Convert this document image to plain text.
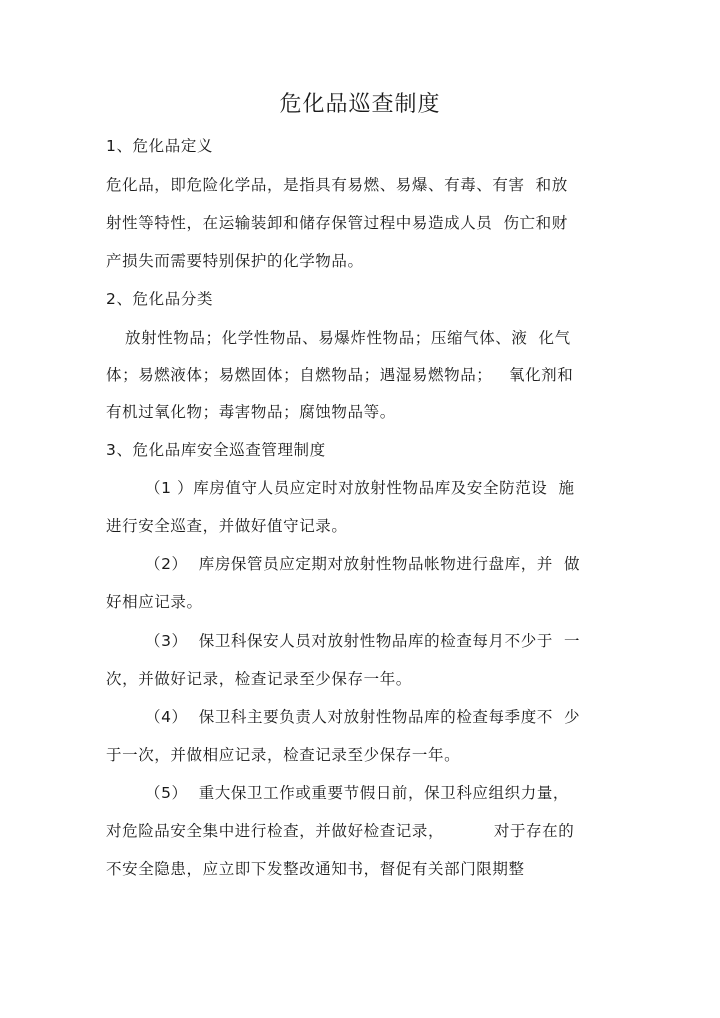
危化品巡查制度
1、危化品定义
危化品，即危险化学品，是指具有易燃、易爆、有毒、有害  和放
射性等特性，在运输装卸和储存保管过程中易造成人员  伤亡和财
产损失而需要特别保护的化学物品。
2、危化品分类
放射性物品；化学性物品、易爆炸性物品；压缩气体、液  化气
体；易燃液体；易燃固体；自燃物品；遇湿易燃物品；   氧化剂和
有机过氧化物；毒害物品；腐蚀物品等。
3、危化品库安全巡查管理制度
（1 ）库房值守人员应定时对放射性物品库及安全防范设  施
进行安全巡查，并做好值守记录。
（2）  库房保管员应定期对放射性物品帐物进行盘库，并  做
好相应记录。
（3）  保卫科保安人员对放射性物品库的检查每月不少于  一
次，并做好记录，检查记录至少保存一年。
（4）  保卫科主要负责人对放射性物品库的检查每季度不  少
于一次，并做相应记录，检查记录至少保存一年。
（5）  重大保卫工作或重要节假日前，保卫科应组织力量，
对危险品安全集中进行检查，并做好检查记录，         对于存在的
不安全隐患，应立即下发整改通知书，督促有关部门限期整
